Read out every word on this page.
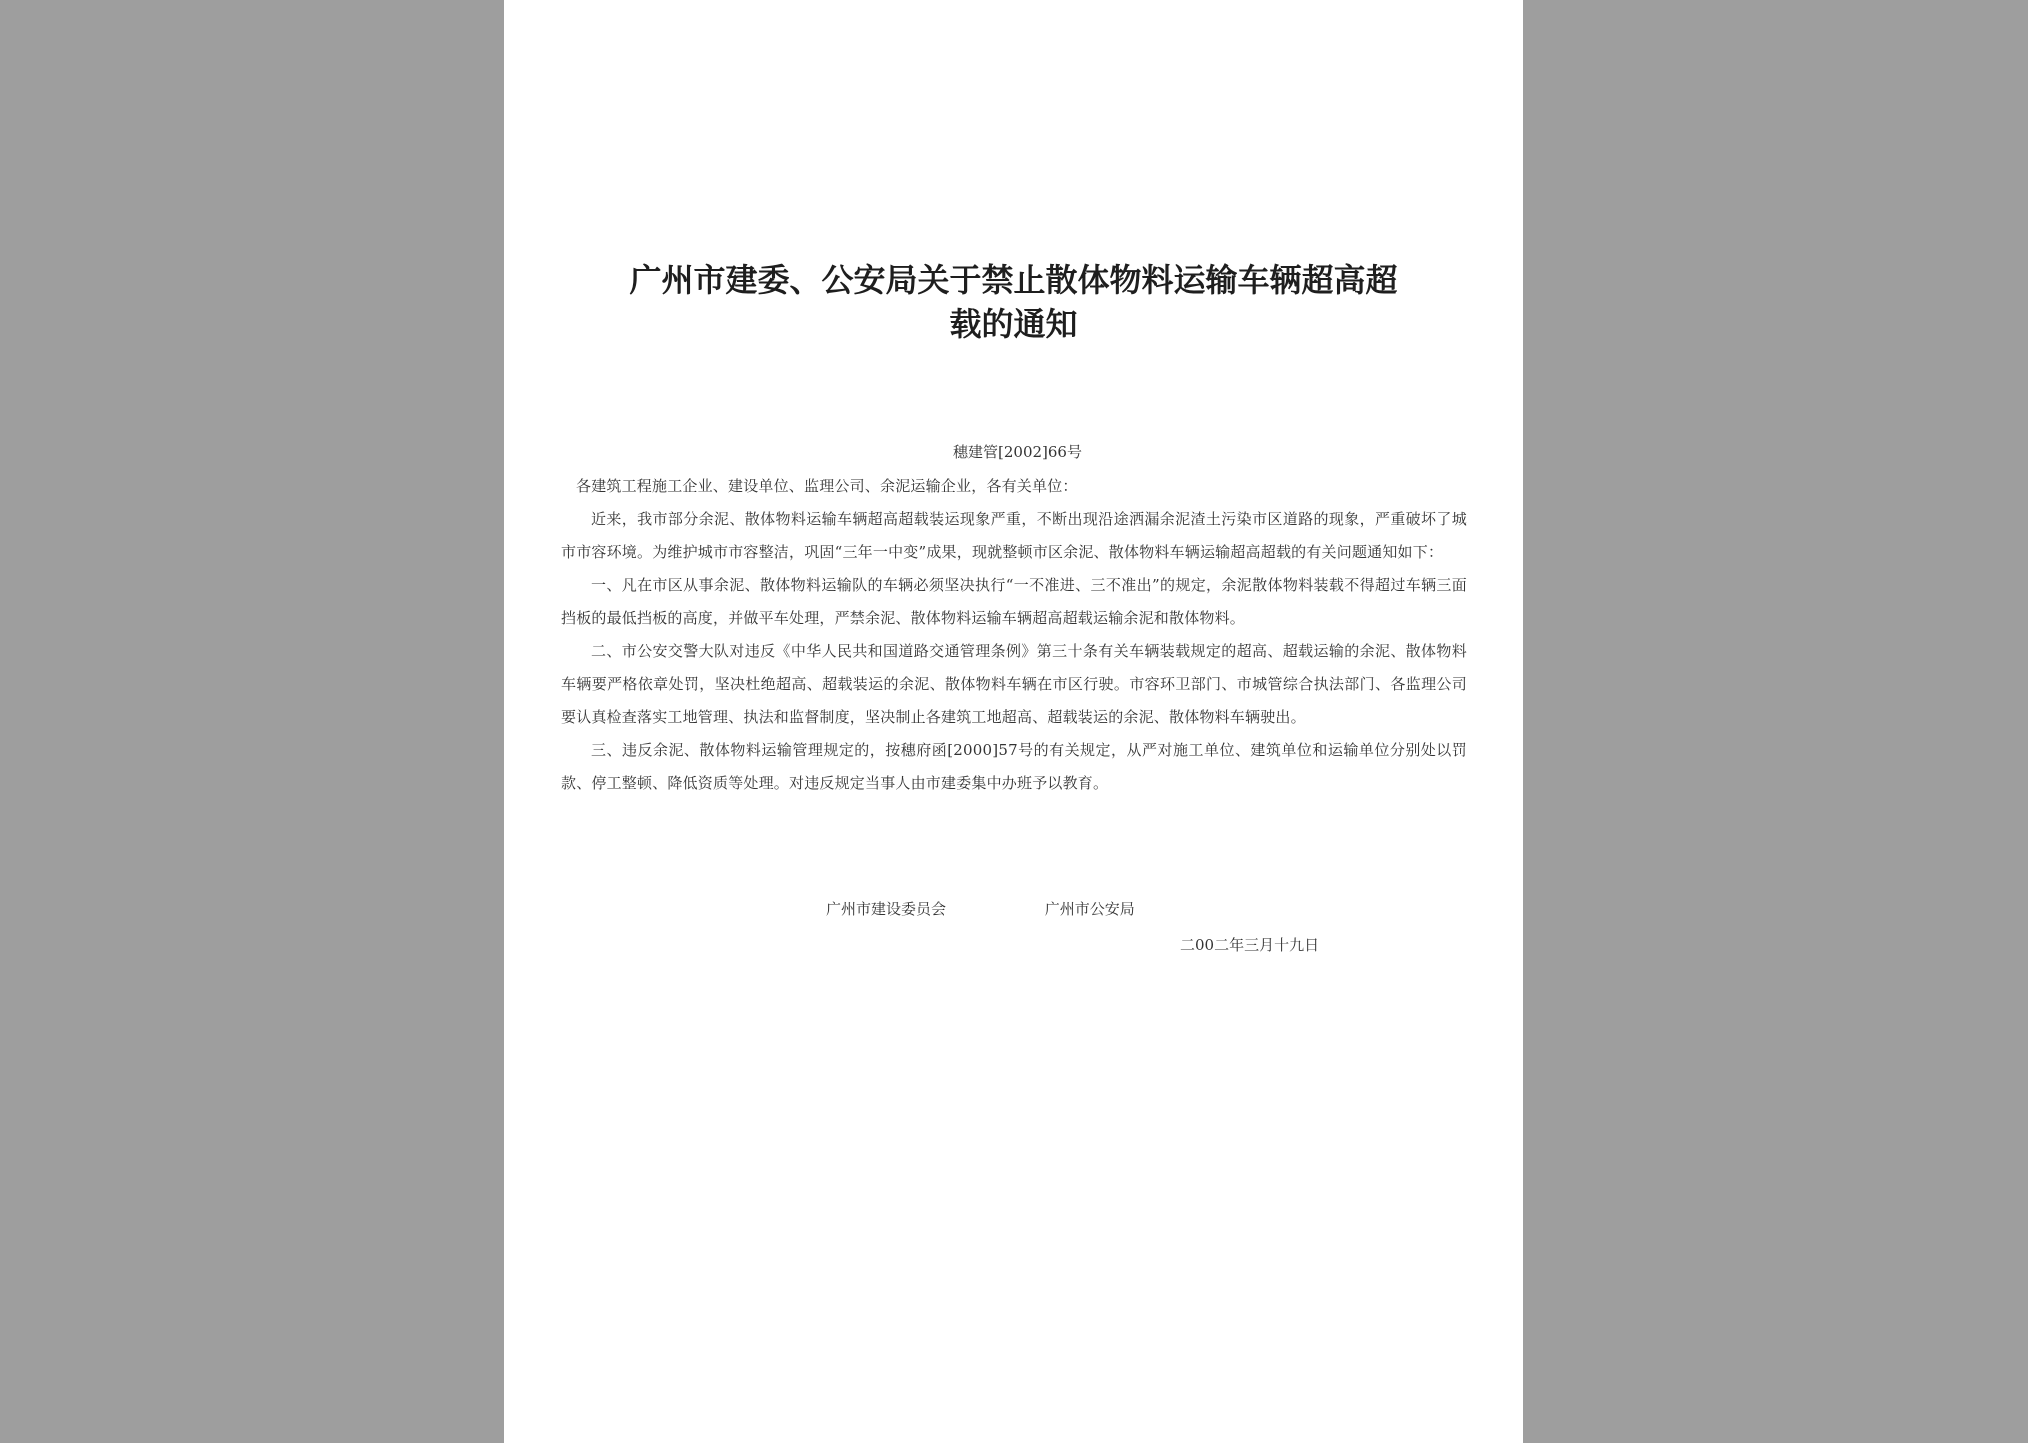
广州市建委、公安局关于禁止散体物料运输车辆超高超
载的通知
穗建管[2002]66号

各建筑工程施工企业、建设单位、监理公司、余泥运输企业，各有关单位：

近来，我市部分余泥、散体物料运输车辆超高超载装运现象严重，不断出现沿途洒漏余泥渣土污染市区道路的现象，严重破坏了城市市容环境。为维护城市市容整洁，巩固“三年一中变”成果，现就整顿市区余泥、散体物料车辆运输超高超载的有关问题通知如下：

一、凡在市区从事余泥、散体物料运输队的车辆必须坚决执行“一不准进、三不准出”的规定，余泥散体物料装载不得超过车辆三面挡板的最低挡板的高度，并做平车处理，严禁余泥、散体物料运输车辆超高超载运输余泥和散体物料。

二、市公安交警大队对违反《中华人民共和国道路交通管理条例》第三十条有关车辆装载规定的超高、超载运输的余泥、散体物料车辆要严格依章处罚，坚决杜绝超高、超载装运的余泥、散体物料车辆在市区行驶。市容环卫部门、市城管综合执法部门、各监理公司要认真检查落实工地管理、执法和监督制度，坚决制止各建筑工地超高、超载装运的余泥、散体物料车辆驶出。

三、违反余泥、散体物料运输管理规定的，按穗府函[2000]57号的有关规定，从严对施工单位、建筑单位和运输单位分别处以罚款、停工整顿、降低资质等处理。对违反规定当事人由市建委集中办班予以教育。

广州市建设委员会	广州市公安局
二00二年三月十九日
